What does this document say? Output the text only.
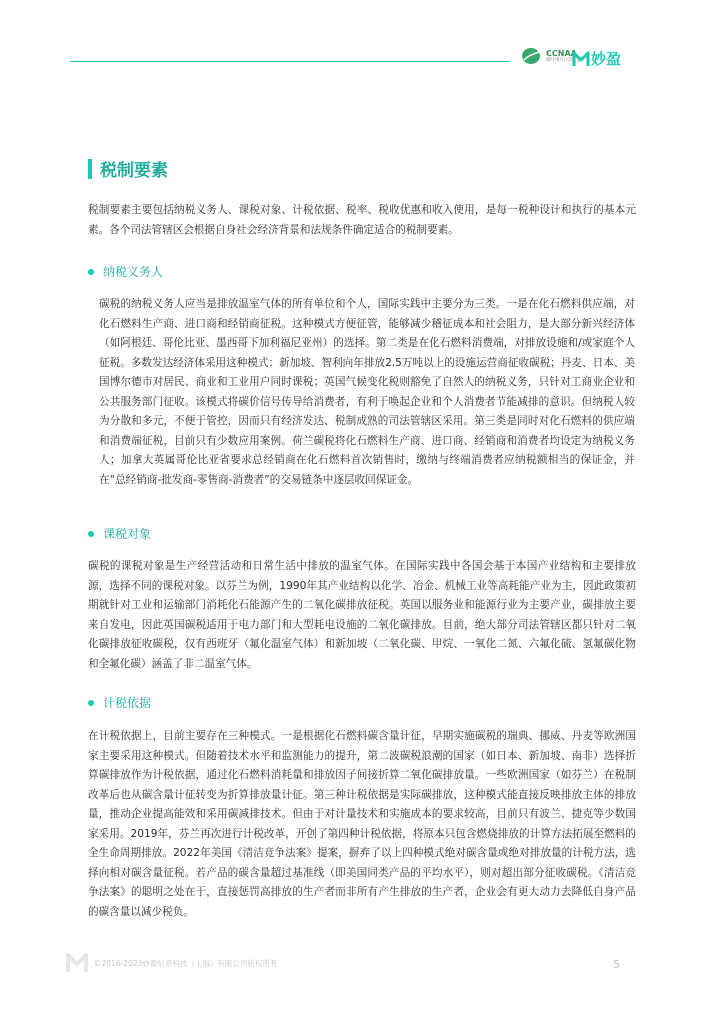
CCNAA
碳中和行动联盟 妙盈
税制要素

税制要素主要包括纳税义务人、课税对象、计税依据、税率、税收优惠和收入使用，是每一税种设计和执行的基本元素。各个司法管辖区会根据自身社会经济背景和法规条件确定适合的税制要素。

纳税义务人

碳税的纳税义务人应当是排放温室气体的所有单位和个人，国际实践中主要分为三类。一是在化石燃料供应端，对化石燃料生产商、进口商和经销商征税。这种模式方便征管，能够减少稽征成本和社会阻力，是大部分新兴经济体（如阿根廷、哥伦比亚、墨西哥下加利福尼亚州）的选择。第二类是在化石燃料消费端，对排放设施和/或家庭个人征税。多数发达经济体采用这种模式：新加坡、智利向年排放2.5万吨以上的设施运营商征收碳税；丹麦、日本、美国博尔德市对居民、商业和工业用户同时课税；英国气候变化税则豁免了自然人的纳税义务，只针对工商业企业和公共服务部门征收。该模式将碳价信号传导给消费者，有利于唤起企业和个人消费者节能减排的意识。但纳税人较为分散和多元，不便于管控，因而只有经济发达、税制成熟的司法管辖区采用。第三类是同时对化石燃料的供应端和消费端征税，目前只有少数应用案例。荷兰碳税将化石燃料生产商、进口商、经销商和消费者均设定为纳税义务人；加拿大英属哥伦比亚省要求总经销商在化石燃料首次销售时，缴纳与终端消费者应纳税额相当的保证金，并在“总经销商-批发商-零售商-消费者”的交易链条中逐层收回保证金。

课税对象

碳税的课税对象是生产经营活动和日常生活中排放的温室气体。在国际实践中各国会基于本国产业结构和主要排放源，选择不同的课税对象。以芬兰为例，1990年其产业结构以化学、冶金、机械工业等高耗能产业为主，因此政策初期就针对工业和运输部门消耗化石能源产生的二氧化碳排放征税。英国以服务业和能源行业为主要产业，碳排放主要来自发电，因此英国碳税适用于电力部门和大型耗电设施的二氧化碳排放。目前，绝大部分司法管辖区都只针对二氧化碳排放征收碳税，仅有西班牙（氟化温室气体）和新加坡（二氧化碳、甲烷、一氧化二氮、六氟化硫、氢氟碳化物和全氟化碳）涵盖了非二温室气体。

计税依据

在计税依据上，目前主要存在三种模式。一是根据化石燃料碳含量计征，早期实施碳税的瑞典、挪威、丹麦等欧洲国家主要采用这种模式。但随着技术水平和监测能力的提升，第二波碳税浪潮的国家（如日本、新加坡、南非）选择折算碳排放作为计税依据，通过化石燃料消耗量和排放因子间接折算二氧化碳排放量。一些欧洲国家（如芬兰）在税制改革后也从碳含量计征转变为折算排放量计征。第三种计税依据是实际碳排放，这种模式能直接反映排放主体的排放量，推动企业提高能效和采用碳减排技术。但由于对计量技术和实施成本的要求较高，目前只有波兰、捷克等少数国家采用。2019年，芬兰再次进行计税改革，开创了第四种计税依据，将原本只包含燃烧排放的计算方法拓展至燃料的全生命周期排放。2022年美国《清洁竞争法案》提案，摒弃了以上四种模式绝对碳含量或绝对排放量的计税方法，选择向相对碳含量征税。若产品的碳含量超过基准线（即美国同类产品的平均水平），则对超出部分征收碳税。《清洁竞争法案》的聪明之处在于，直接惩罚高排放的生产者而非所有产生排放的生产者，企业会有更大动力去降低自身产品的碳含量以减少税负。

©2016-2023妙盈信息科技（上海）有限公司版权所有	5
